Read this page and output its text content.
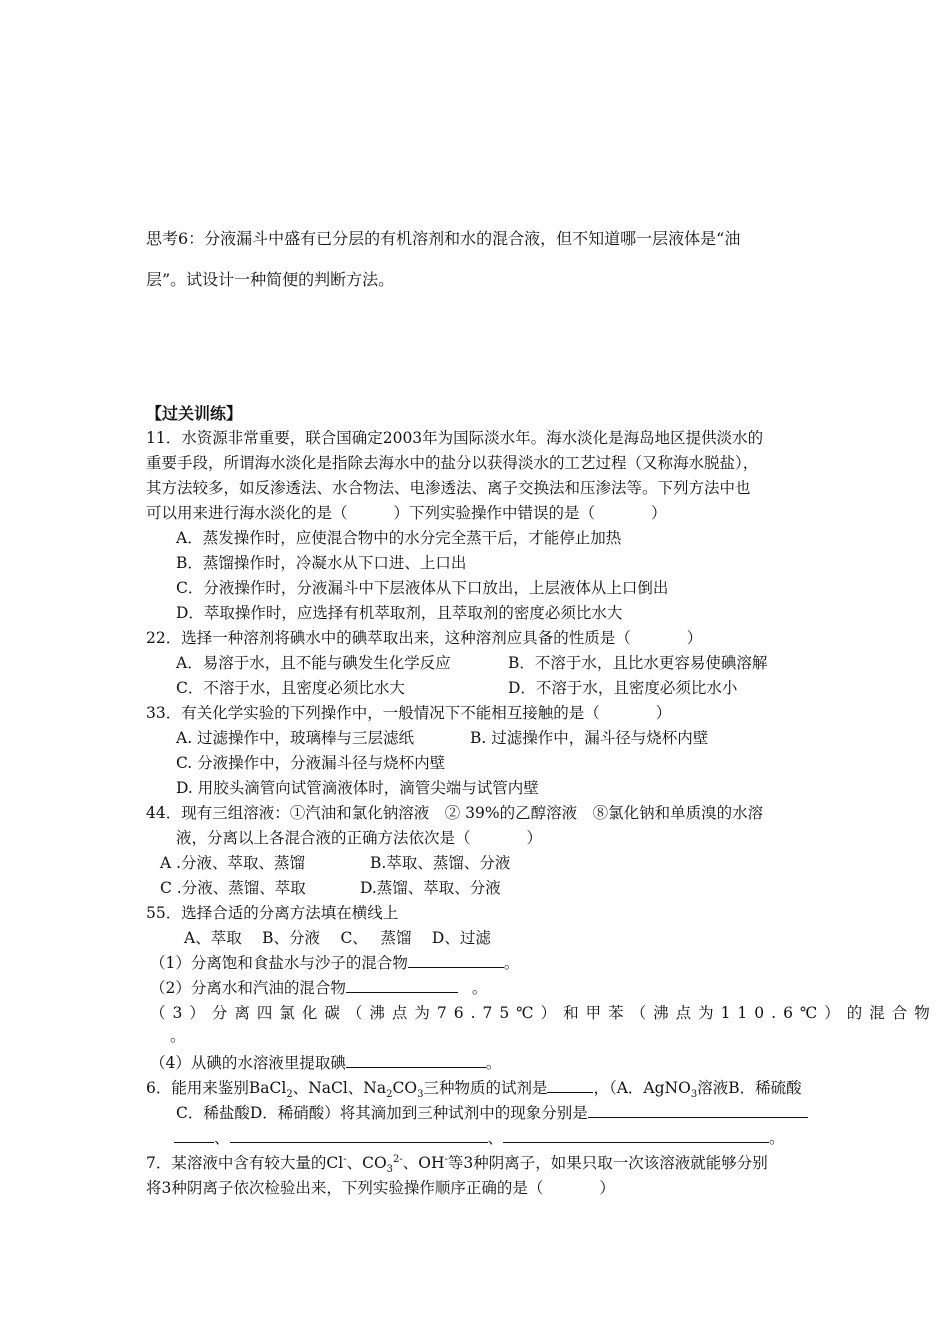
思考6：分液漏斗中盛有已分层的有机溶剂和水的混合液，但不知道哪一层液体是“油
层”。试设计一种简便的判断方法。
【过关训练】
11．水资源非常重要，联合国确定2003年为国际淡水年。海水淡化是海岛地区提供淡水的
重要手段，所谓海水淡化是指除去海水中的盐分以获得淡水的工艺过程（又称海水脱盐），
其方法较多，如反渗透法、水合物法、电渗透法、离子交换法和压渗法等。下列方法中也
可以用来进行海水淡化的是（	）下列实验操作中错误的是（	）
A．蒸发操作时，应使混合物中的水分完全蒸干后，才能停止加热
B．蒸馏操作时，冷凝水从下口进、上口出
C．分液操作时，分液漏斗中下层液体从下口放出，上层液体从上口倒出
D．萃取操作时，应选择有机萃取剂，且萃取剂的密度必须比水大
22．选择一种溶剂将碘水中的碘萃取出来，这种溶剂应具备的性质是（	）
A．易溶于水，且不能与碘发生化学反应	B．不溶于水，且比水更容易使碘溶解
C．不溶于水，且密度必须比水大	D．不溶于水，且密度必须比水小
33．有关化学实验的下列操作中，一般情况下不能相互接触的是（	）
A. 过滤操作中，玻璃棒与三层滤纸	B. 过滤操作中，漏斗径与烧杯内壁
C. 分液操作中，分液漏斗径与烧杯内壁
D. 用胶头滴管向试管滴液体时，滴管尖端与试管内壁
44．现有三组溶液：①汽油和氯化钠溶液　② 39%的乙醇溶液　⑧氯化钠和单质溴的水溶
液，分离以上各混合液的正确方法依次是（	）
A .分液、萃取、蒸馏	B.萃取、蒸馏、分液
C .分液、蒸馏、萃取	D.蒸馏、萃取、分液
55．选择合适的分离方法填在横线上
A、萃取　 B、分液　 C、　 蒸馏　 D、过滤
（1）分离饱和食盐水与沙子的混合物	。
（2）分离水和汽油的混合物	。
（3）分离四氯化碳（沸点为76.75℃）和甲苯（沸点为110.6℃）的混合物
。
（4）从碘的水溶液里提取碘	。
6．能用来鉴别BaCl$_2$、NaCl、$Na_2CO_3$三种物质的试剂是	，（A．AgNO$_3$溶液B．稀硫酸
C．稀盐酸D．稀硝酸）将其滴加到三种试剂中的现象分别是
、	、	。
7．某溶液中含有较大量的Cl-、$CO_3^{2-}$、OH-等3种阴离子，如果只取一次该溶液就能够分别
将3种阴离子依次检验出来，下列实验操作顺序正确的是（	）
